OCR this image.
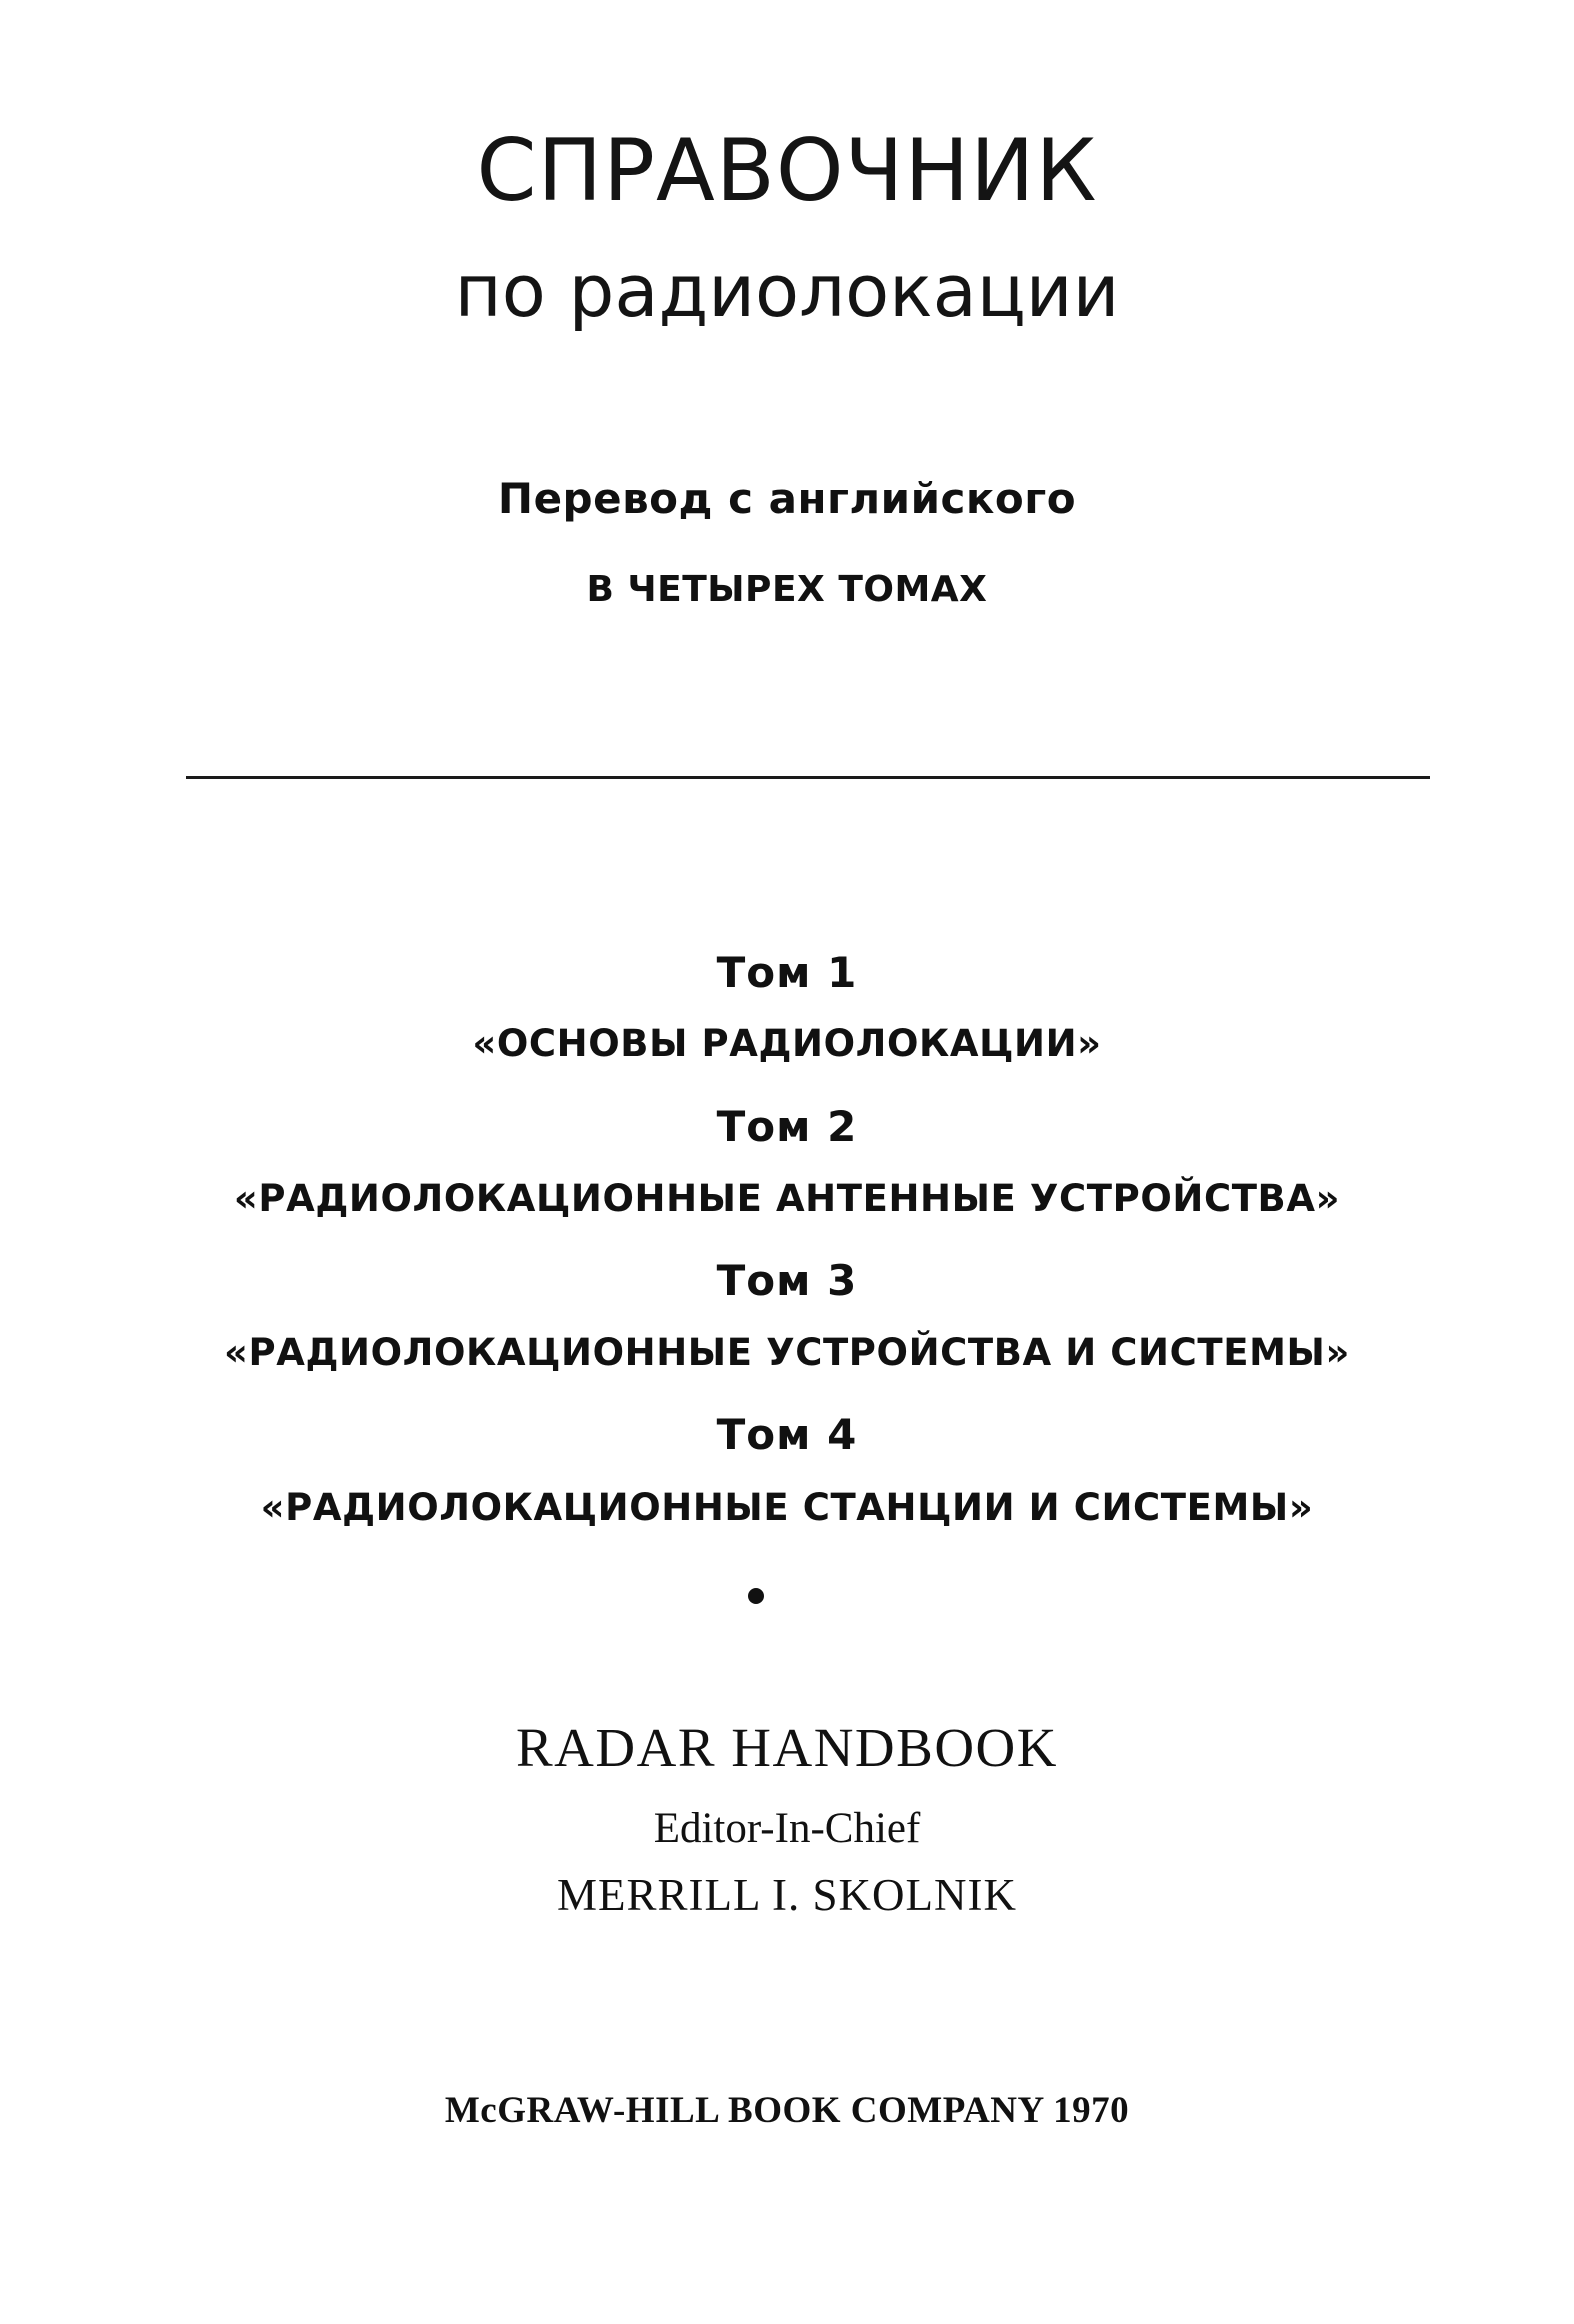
СПРАВОЧНИК
по радиолокации
Перевод с английского
В ЧЕТЫРЕХ ТОМАХ
Том 1
«ОСНОВЫ РАДИОЛОКАЦИИ»
Том 2
«РАДИОЛОКАЦИОННЫЕ АНТЕННЫЕ УСТРОЙСТВА»
Том 3
«РАДИОЛОКАЦИОННЫЕ УСТРОЙСТВА И СИСТЕМЫ»
Том 4
«РАДИОЛОКАЦИОННЫЕ СТАНЦИИ И СИСТЕМЫ»
RADAR HANDBOOK
Editor-In-Chief
MERRILL I. SKOLNIK
McGRAW-HILL BOOK COMPANY 1970
